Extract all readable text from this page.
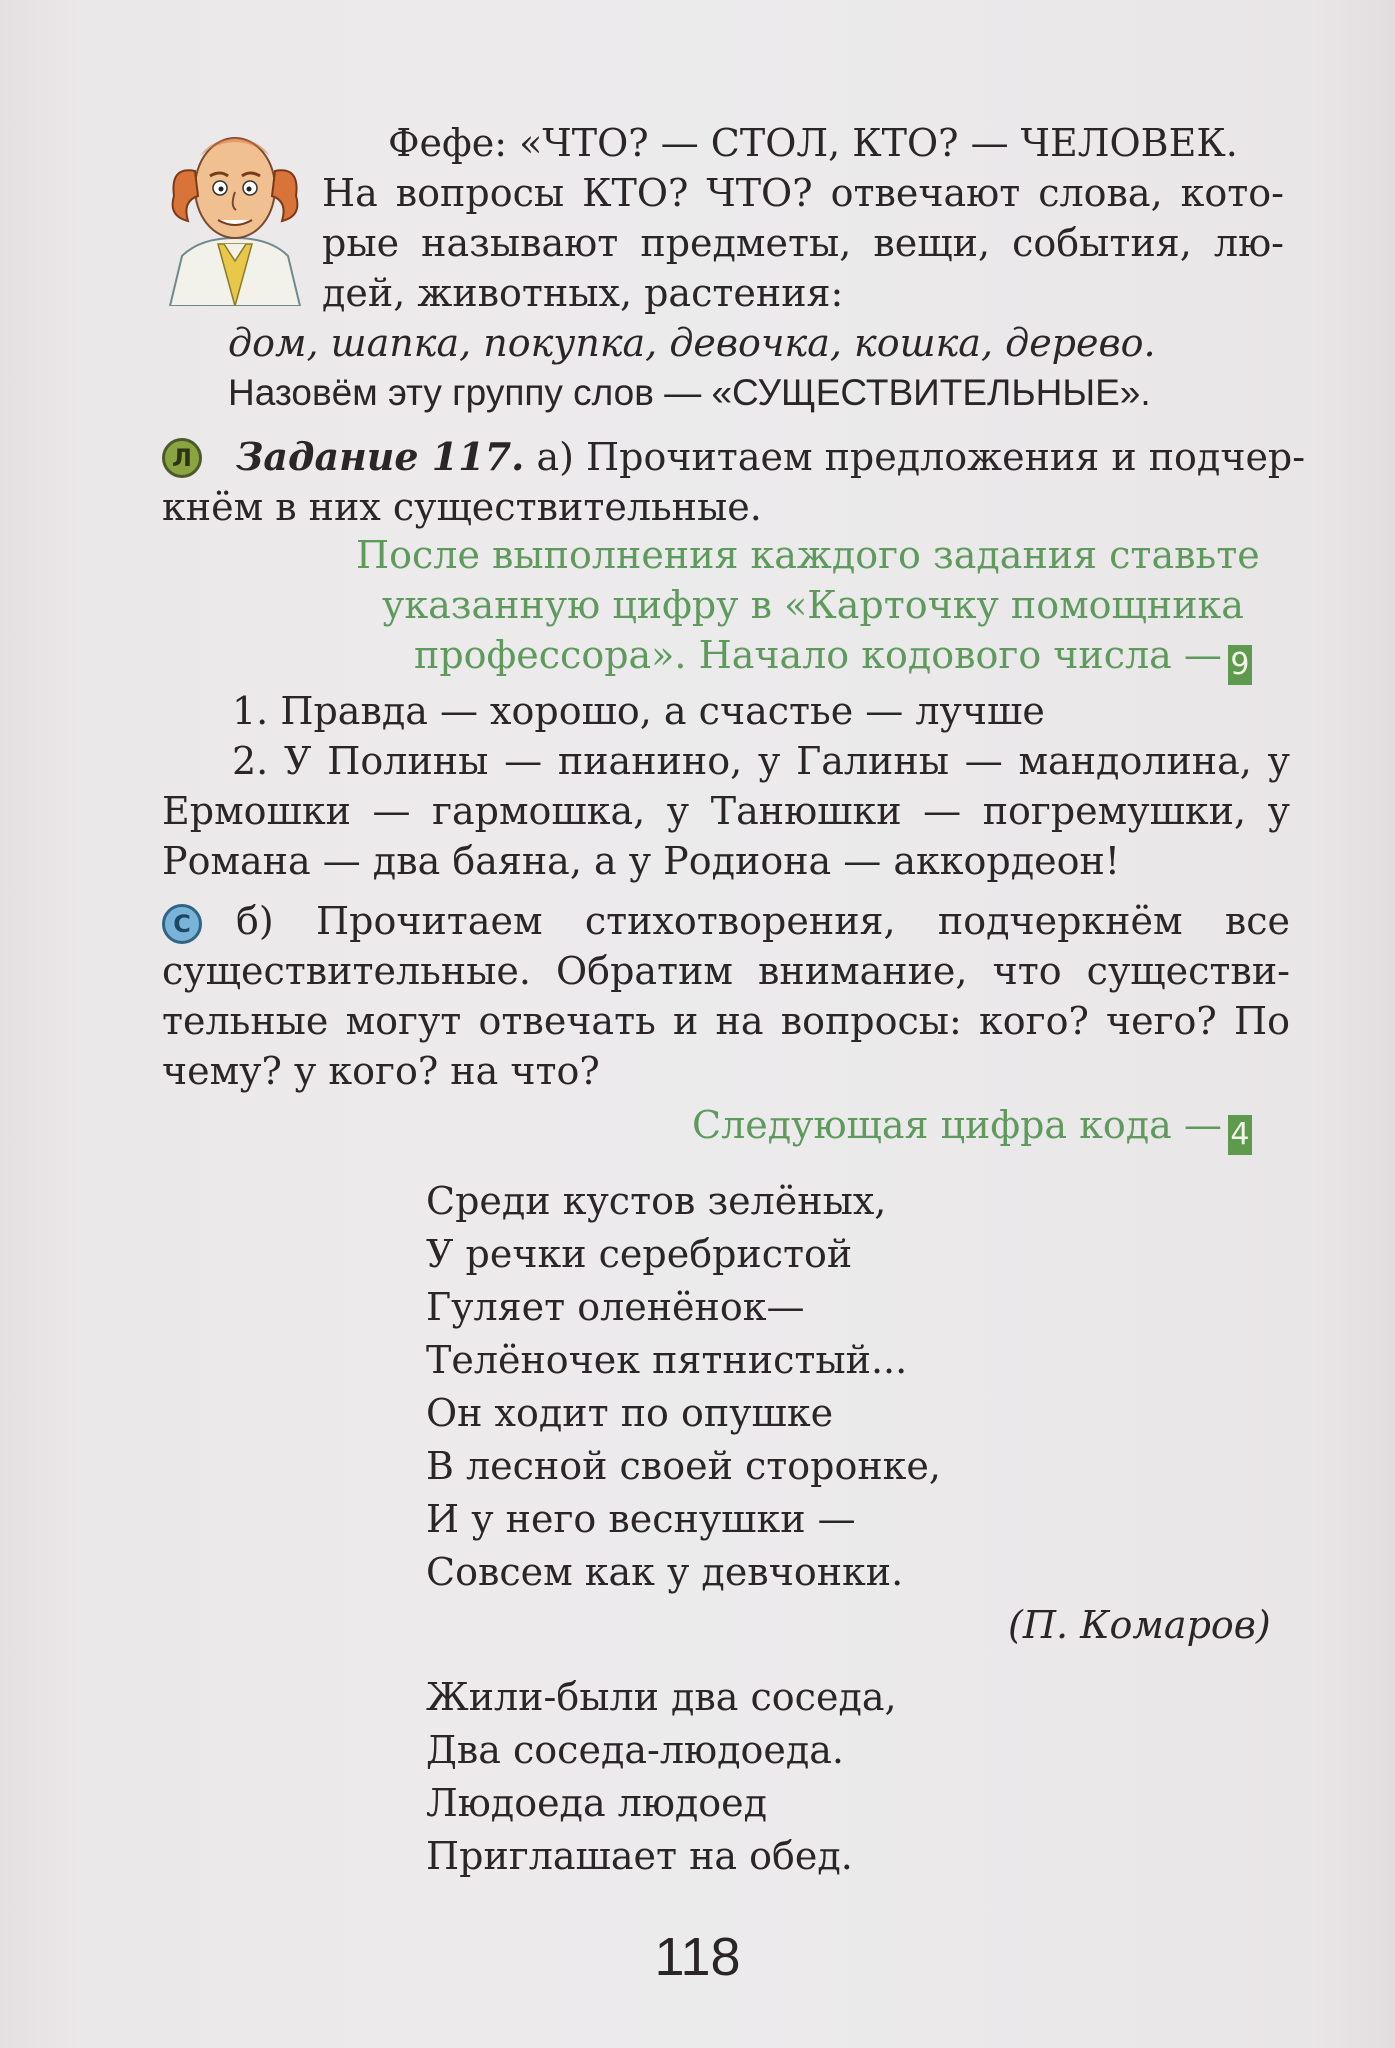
Фефе: «ЧТО? — СТОЛ, КТО? — ЧЕЛОВЕК.

На вопросы КТО? ЧТО? отвечают слова, кото-

рые называют предметы, вещи, события, лю-

дей, животных, растения:

дом, шапка, покупка, девочка, кошка, дерево.

Назовём эту группу слов — «СУЩЕСТВИТЕЛЬНЫЕ».

Л Задание 117. а) Прочитаем предложения и подчер-

кнём в них существительные.

После выполнения каждого задания ставьте

указанную цифру в «Карточку помощника

профессора». Начало кодового числа — 9

1. Правда — хорошо, а счастье — лучше

2. У Полины — пианино, у Галины — мандолина, у

Ермошки — гармошка, у Танюшки — погремушки, у

Романа — два баяна, а у Родиона — аккордеон!

С б) Прочитаем стихотворения, подчеркнём все

существительные. Обратим внимание, что существи-

тельные могут отвечать и на вопросы: кого? чего? По

чему? у кого? на что?

Следующая цифра кода — 4

Среди кустов зелёных,

У речки серебристой

Гуляет оленёнок—

Телёночек пятнистый...

Он ходит по опушке

В лесной своей сторонке,

И у него веснушки —

Совсем как у девчонки.

(П. Комаров)

Жили-были два соседа,

Два соседа-людоеда.

Людоеда людоед

Приглашает на обед.

118
